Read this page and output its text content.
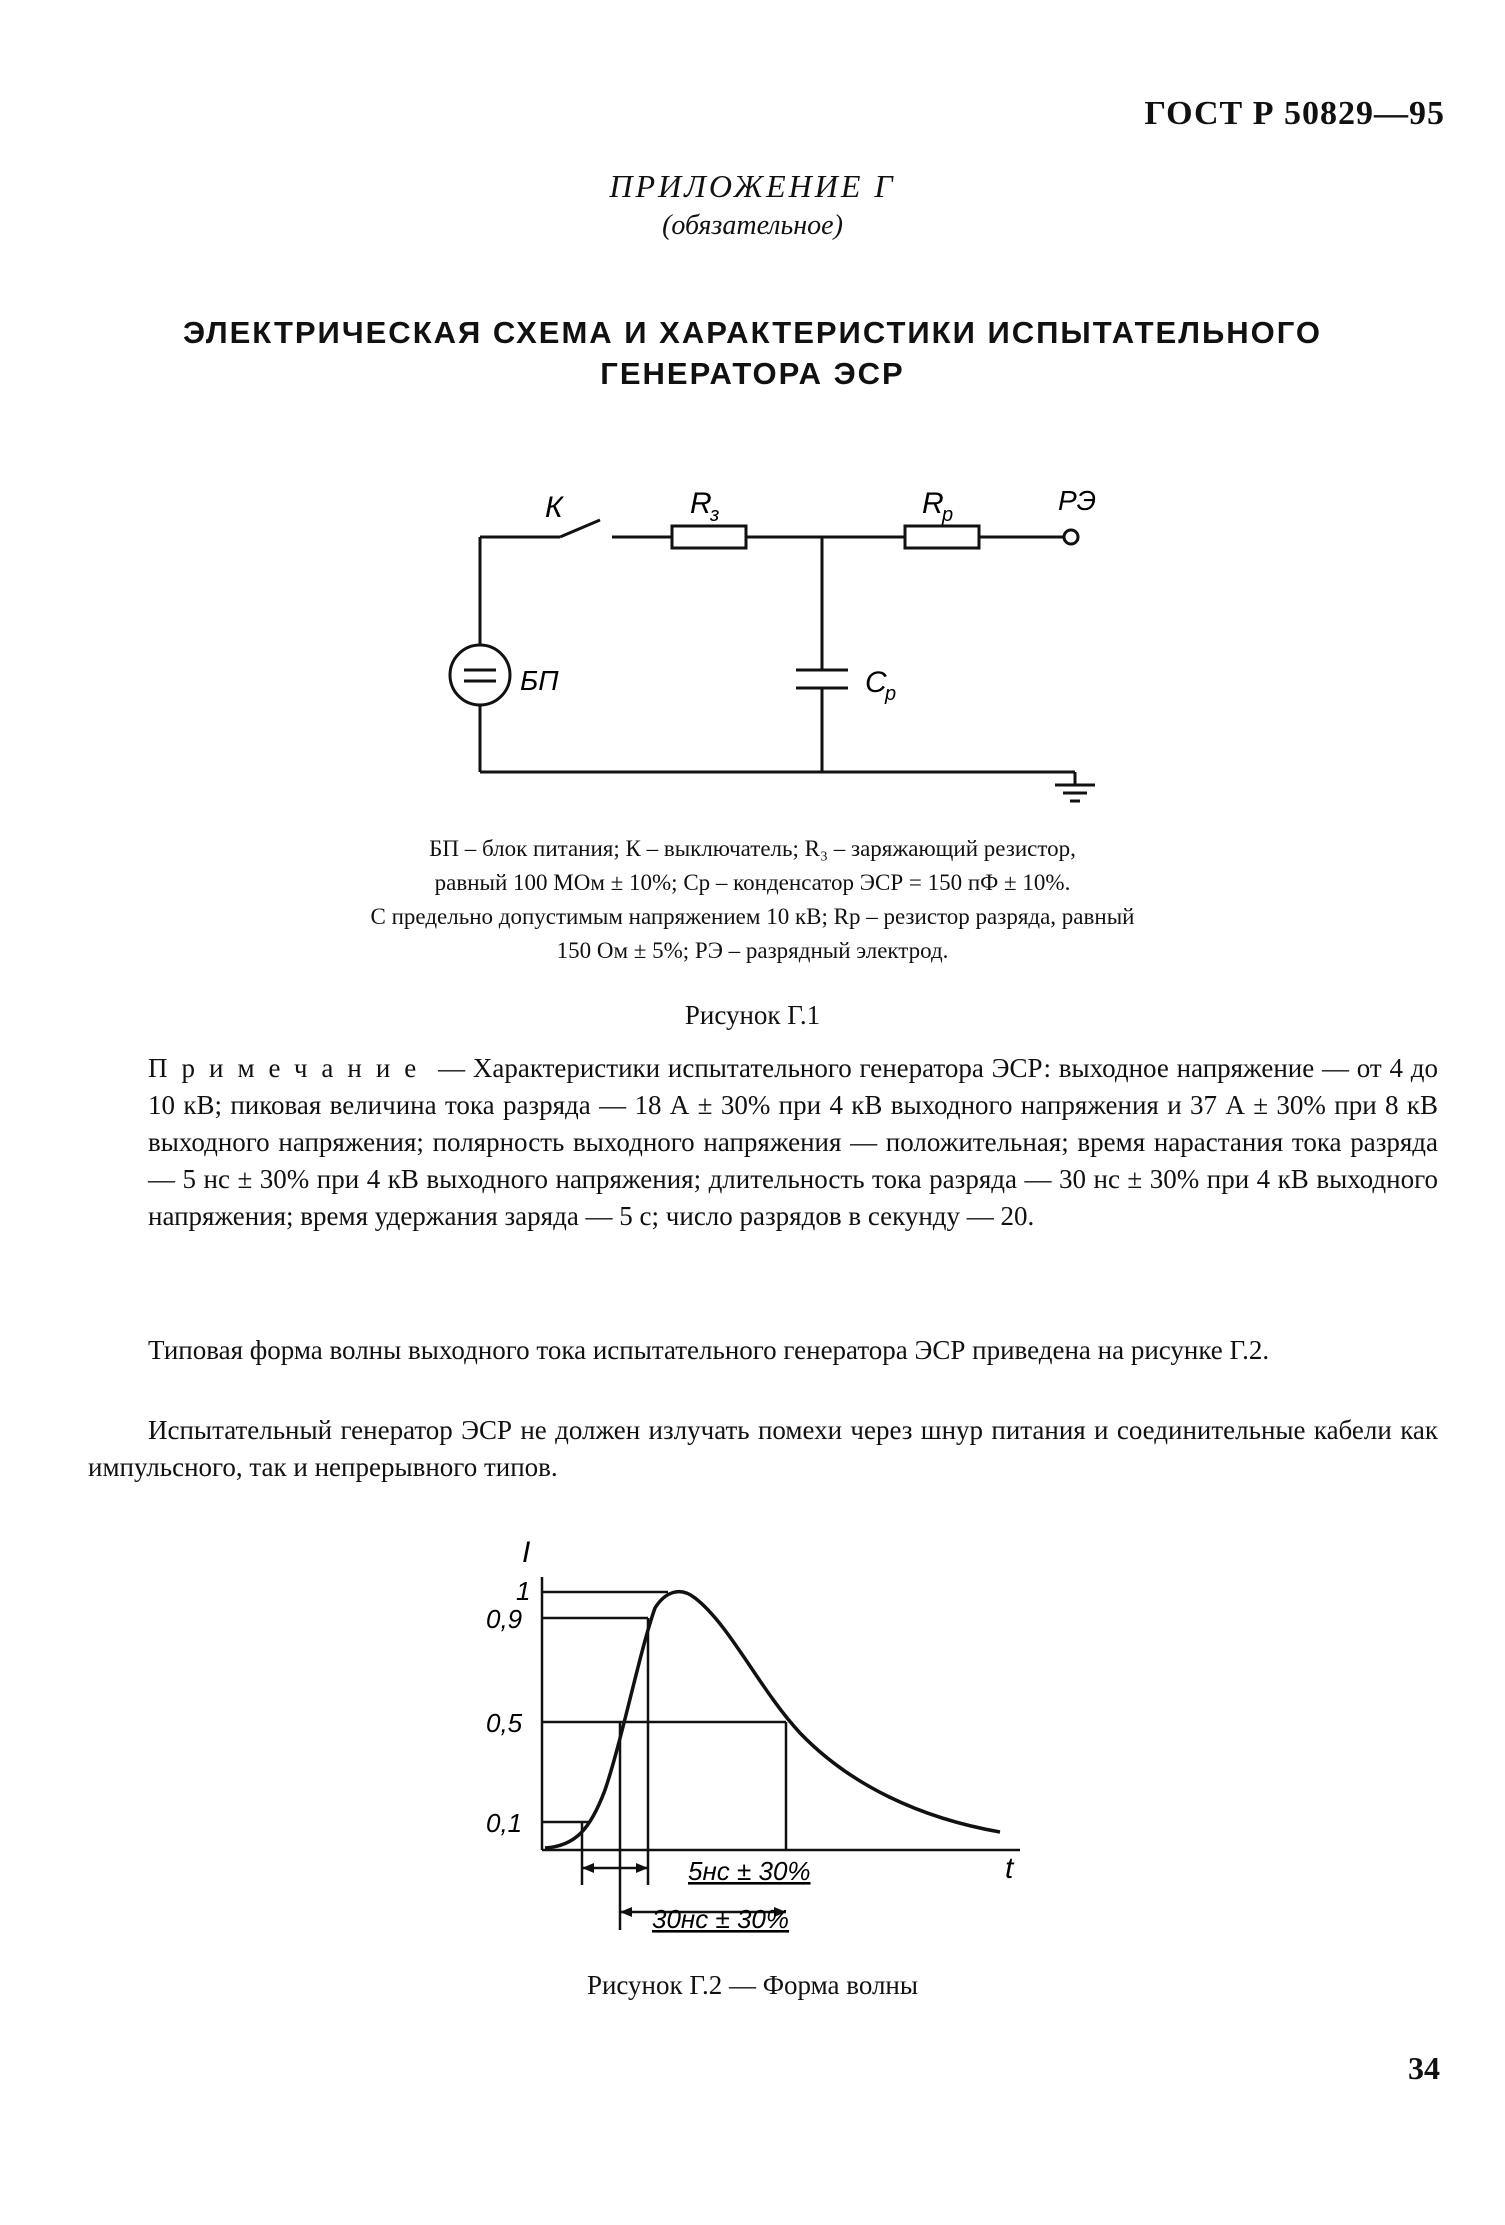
ГОСТ Р 50829—95
ПРИЛОЖЕНИЕ Г
(обязательное)
ЭЛЕКТРИЧЕСКАЯ СХЕМА И ХАРАКТЕРИСТИКИ ИСПЫТАТЕЛЬНОГО
ГЕНЕРАТОРА ЭСР
К	R
з	R
р	РЭ
БП	C
р
БП – блок питания; К – выключатель; R₃ – заряжающий резистор,
равный 100 МОм ± 10%; Ср – конденсатор ЭСР = 150 пФ ± 10%.
С предельно допустимым напряжением 10 кВ; Rр – резистор разряда, равный
150 Ом ± 5%; РЭ – разрядный электрод.
Рисунок Г.1
Примечание — Характеристики испытательного генератора ЭСР: выходное напряжение — от 4 до 10 кВ; пиковая величина тока разряда — 18 А ± 30% при 4 кВ выходного напряжения и 37 А ± 30% при 8 кВ выходного напряжения; полярность выходного напряжения — положительная; время нарастания тока разряда — 5 нс ± 30% при 4 кВ выходного напряжения; длительность тока разряда — 30 нс ± 30% при 4 кВ выходного напряжения; время удержания заряда — 5 с; число разрядов в секунду — 20.
Типовая форма волны выходного тока испытательного генератора ЭСР приведена на рисунке Г.2.
Испытательный генератор ЭСР не должен излучать помехи через шнур питания и соединительные кабели как импульсного, так и непрерывного типов.
I
t
1
0,9
0,5
0,1
5нс ± 30%
30нс ± 30%
Рисунок Г.2 — Форма волны
34
